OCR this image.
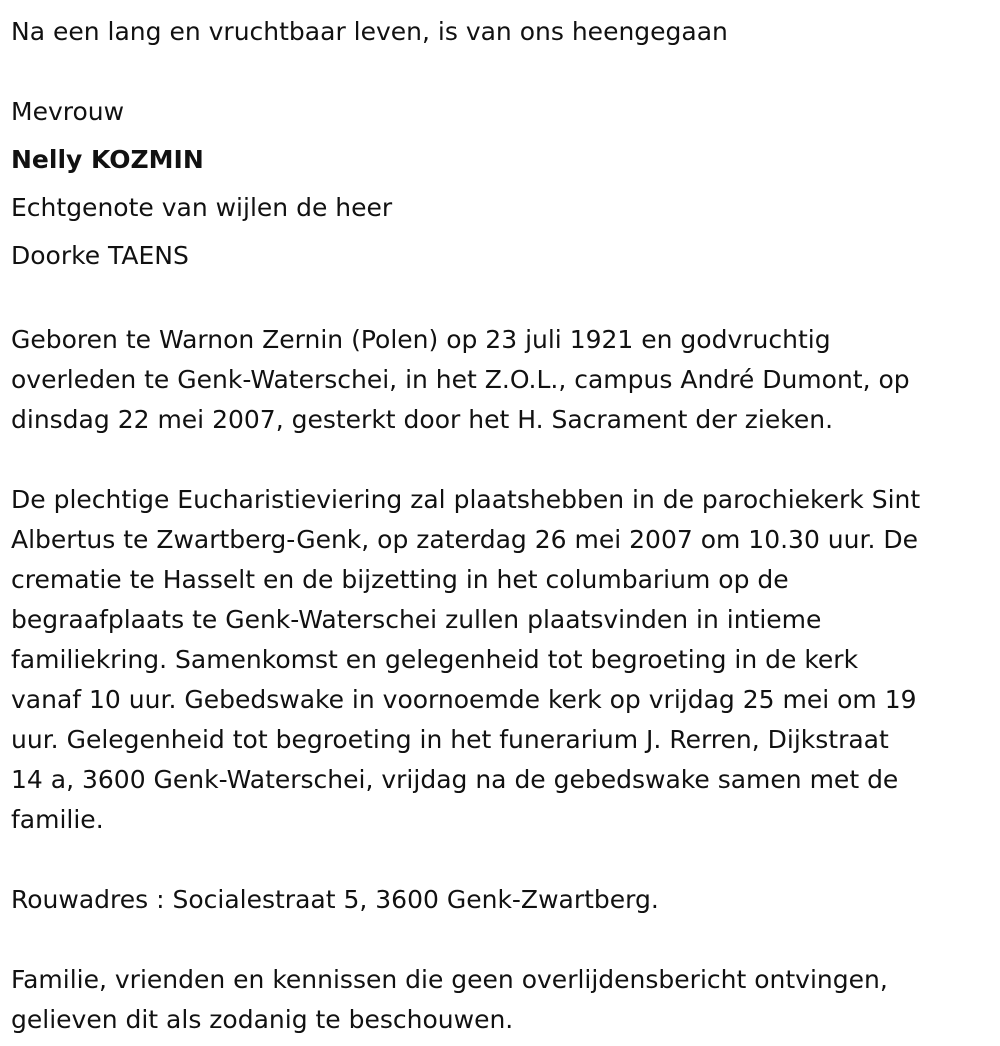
Na een lang en vruchtbaar leven, is van ons heengegaan
Mevrouw
Nelly KOZMIN
Echtgenote van wijlen de heer
Doorke TAENS

Geboren te Warnon Zernin (Polen) op 23 juli 1921 en godvruchtig
overleden te Genk-Waterschei, in het Z.O.L., campus André Dumont, op
dinsdag 22 mei 2007, gesterkt door het H. Sacrament der zieken.

De plechtige Eucharistieviering zal plaatshebben in de parochiekerk Sint
Albertus te Zwartberg-Genk, op zaterdag 26 mei 2007 om 10.30 uur. De
crematie te Hasselt en de bijzetting in het columbarium op de
begraafplaats te Genk-Waterschei zullen plaatsvinden in intieme
familiekring. Samenkomst en gelegenheid tot begroeting in de kerk
vanaf 10 uur. Gebedswake in voornoemde kerk op vrijdag 25 mei om 19
uur. Gelegenheid tot begroeting in het funerarium J. Rerren, Dijkstraat
14 a, 3600 Genk-Waterschei, vrijdag na de gebedswake samen met de
familie.

Rouwadres : Socialestraat 5, 3600 Genk-Zwartberg.

Familie, vrienden en kennissen die geen overlijdensbericht ontvingen,
gelieven dit als zodanig te beschouwen.
